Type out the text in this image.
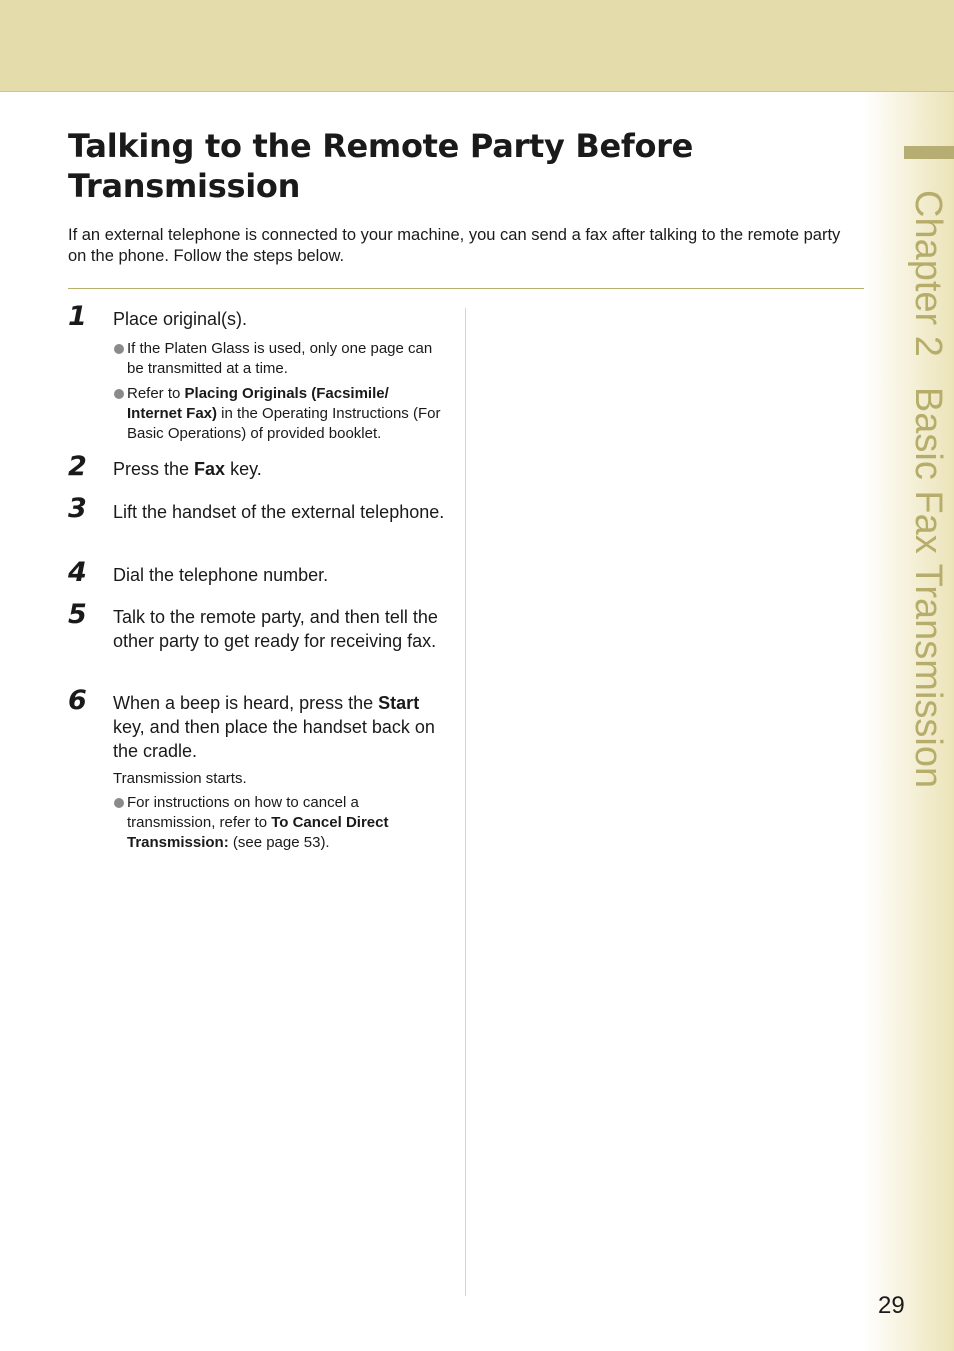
Chapter 2Basic Fax Transmission
Talking to the Remote Party Before
Transmission

If an external telephone is connected to your machine, you can send a fax after talking to the remote party on the phone. Follow the steps below.

1	Place original(s).
If the Platen Glass is used, only one page can be transmitted at a time.
Refer to Placing Originals (Facsimile/ Internet Fax) in the Operating Instructions (For Basic Operations) of provided booklet.
2	Press the Fax key.
3	Lift the handset of the external telephone.
4	Dial the telephone number.
5	Talk to the remote party, and then tell the other party to get ready for receiving fax.
6	When a beep is heard, press the Start key, and then place the handset back on the cradle.
Transmission starts.
For instructions on how to cancel a transmission, refer to To Cancel Direct Transmission: (see page 53).
29
